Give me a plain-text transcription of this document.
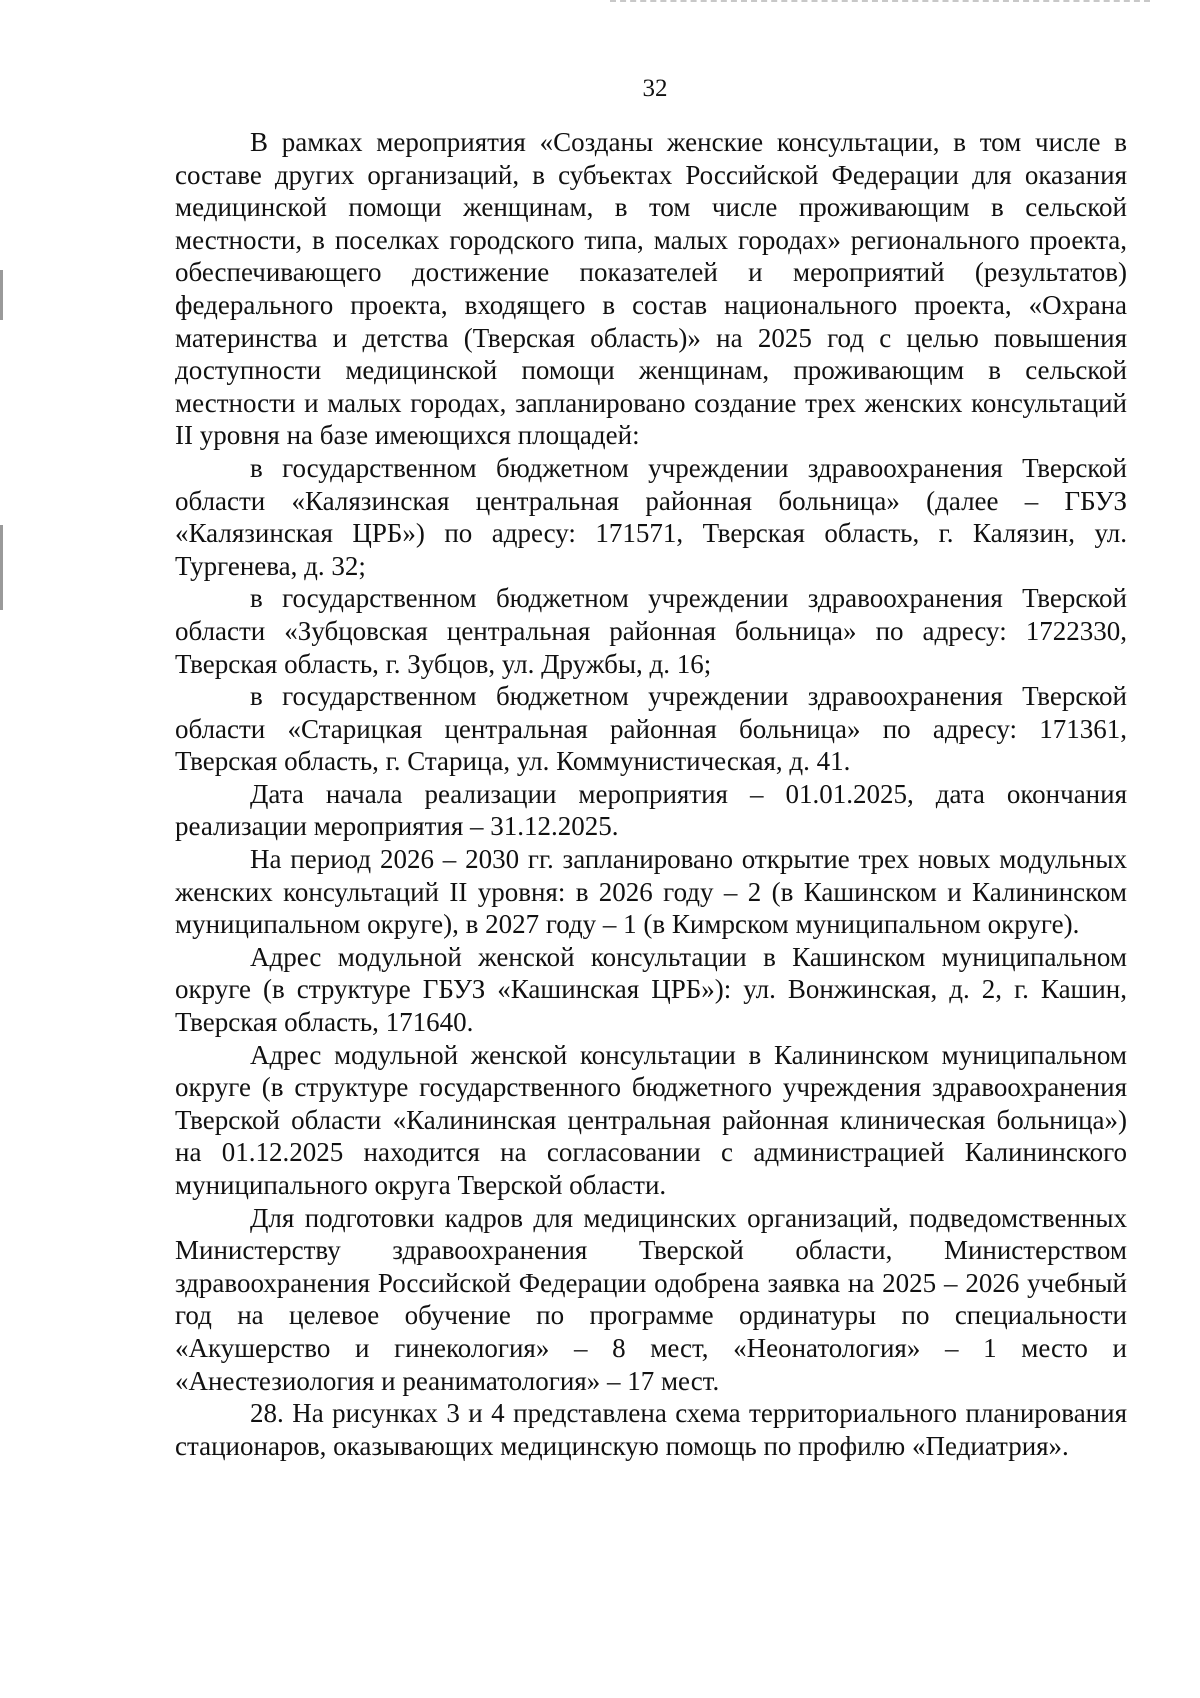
32

В рамках мероприятия «Созданы женские консультации, в том числе в составе других организаций, в субъектах Российской Федерации для оказания медицинской помощи женщинам, в том числе проживающим в сельской местности, в поселках городского типа, малых городах» регионального проекта, обеспечивающего достижение показателей и мероприятий (результатов) федерального проекта, входящего в состав национального проекта, «Охрана материнства и детства (Тверская область)» на 2025 год с целью повышения доступности медицинской помощи женщинам, проживающим в сельской местности и малых городах, запланировано создание трех женских консультаций II уровня на базе имеющихся площадей:

в государственном бюджетном учреждении здравоохранения Тверской области «Калязинская центральная районная больница» (далее – ГБУЗ «Калязинская ЦРБ») по адресу: 171571, Тверская область, г. Калязин, ул. Тургенева, д. 32;

в государственном бюджетном учреждении здравоохранения Тверской области «Зубцовская центральная районная больница» по адресу: 1722330, Тверская область, г. Зубцов, ул. Дружбы, д. 16;

в государственном бюджетном учреждении здравоохранения Тверской области «Старицкая центральная районная больница» по адресу: 171361, Тверская область, г. Старица, ул. Коммунистическая, д. 41.

Дата начала реализации мероприятия – 01.01.2025, дата окончания реализации мероприятия – 31.12.2025.

На период 2026 – 2030 гг. запланировано открытие трех новых модульных женских консультаций II уровня: в 2026 году – 2 (в Кашинском и Калининском муниципальном округе), в 2027 году – 1 (в Кимрском муниципальном округе).

Адрес модульной женской консультации в Кашинском муниципальном округе (в структуре ГБУЗ «Кашинская ЦРБ»): ул. Вонжинская, д. 2, г. Кашин, Тверская область, 171640.

Адрес модульной женской консультации в Калининском муниципальном округе (в структуре государственного бюджетного учреждения здравоохранения Тверской области «Калининская центральная районная клиническая больница») на 01.12.2025 находится на согласовании с администрацией Калининского муниципального округа Тверской области.

Для подготовки кадров для медицинских организаций, подведомственных Министерству здравоохранения Тверской области, Министерством здравоохранения Российской Федерации одобрена заявка на 2025 – 2026 учебный год на целевое обучение по программе ординатуры по специальности «Акушерство и гинекология» – 8 мест, «Неонатология» – 1 место и «Анестезиология и реаниматология» – 17 мест.

28. На рисунках 3 и 4 представлена схема территориального планирования стационаров, оказывающих медицинскую помощь по профилю «Педиатрия».
